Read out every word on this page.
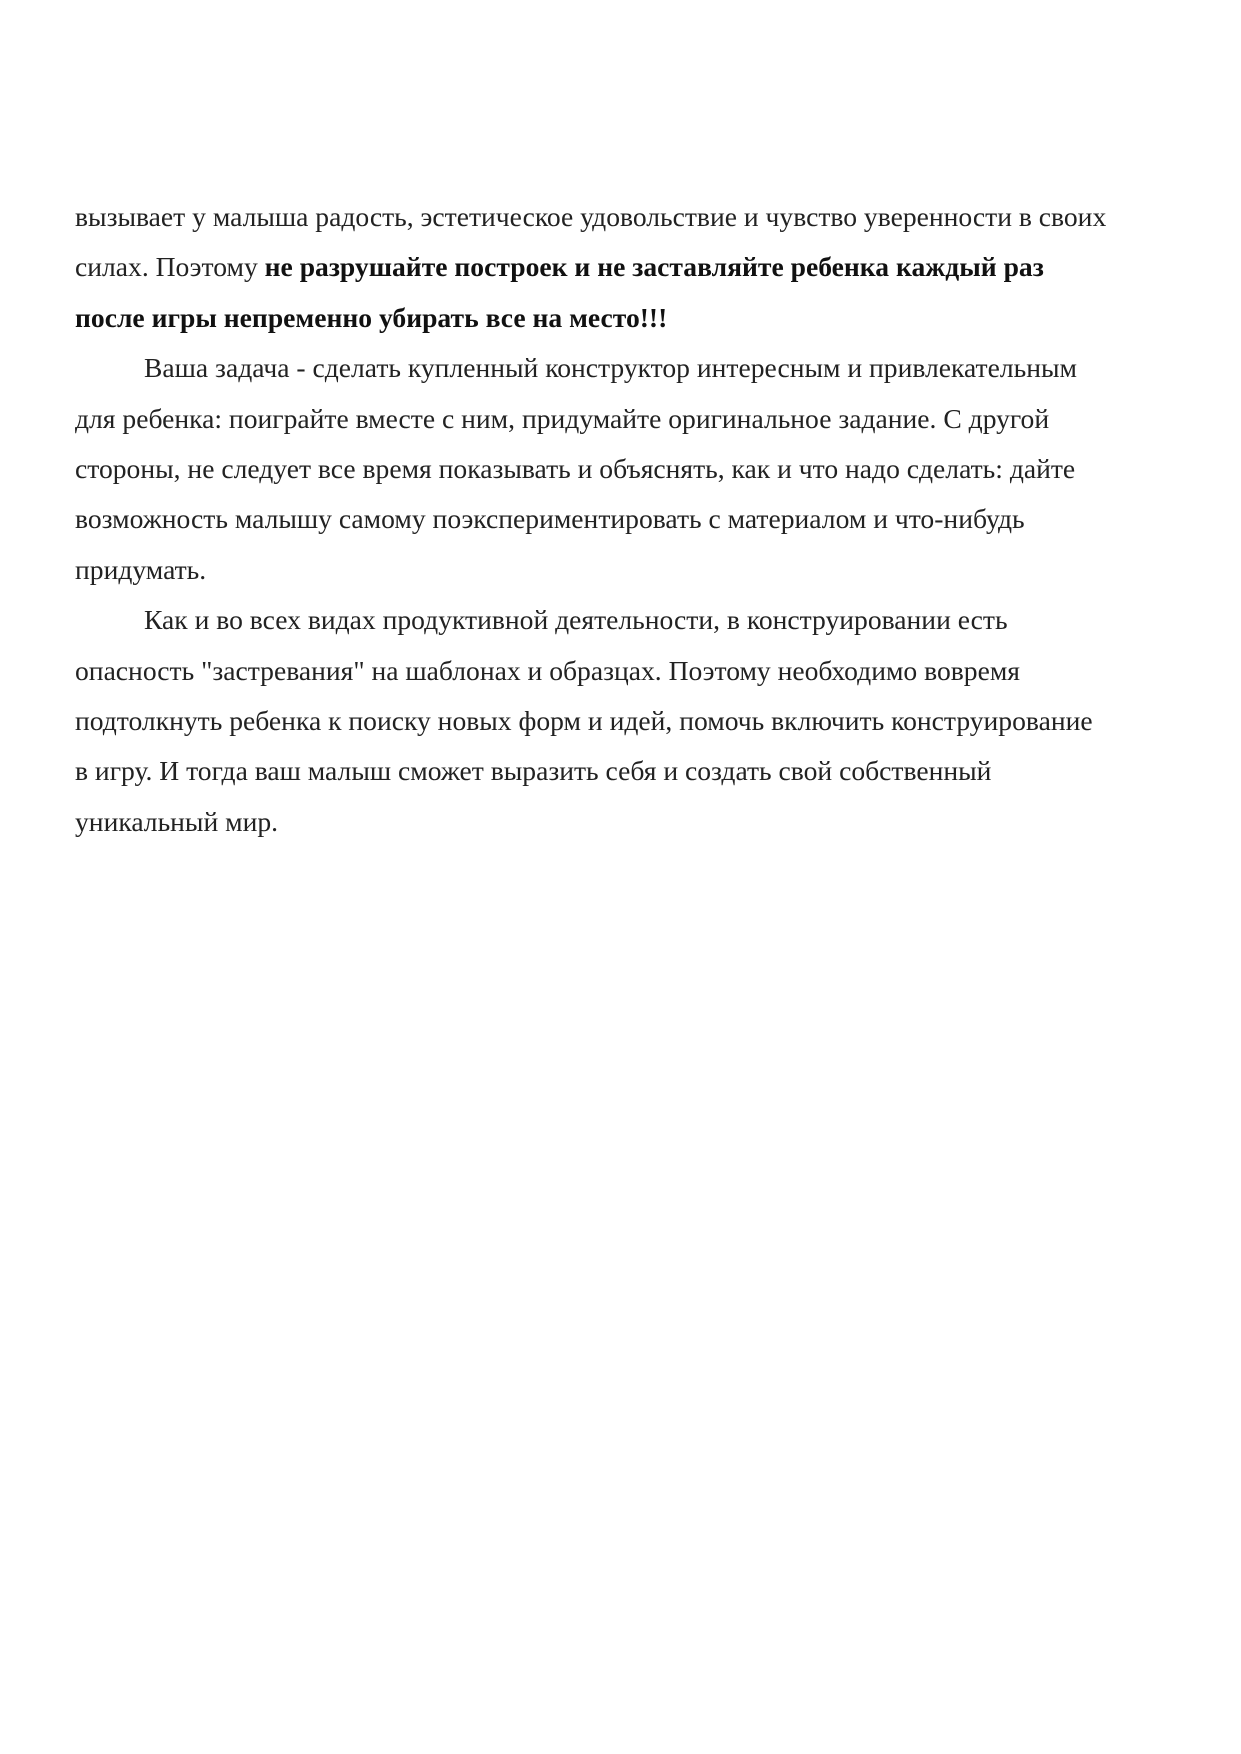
вызывает у малыша радость, эстетическое удовольствие и чувство уверенности в своих
силах. Поэтому не разрушайте построек и не заставляйте ребенка каждый раз
после игры непременно убирать все на место!!!
Ваша задача - сделать купленный конструктор интересным и привлекательным
для ребенка: поиграйте вместе с ним, придумайте оригинальное задание. С другой
стороны, не следует все время показывать и объяснять, как и что надо сделать: дайте
возможность малышу самому поэкспериментировать с материалом и что-нибудь
придумать.
Как и во всех видах продуктивной деятельности, в конструировании есть
опасность "застревания" на шаблонах и образцах. Поэтому необходимо вовремя
подтолкнуть ребенка к поиску новых форм и идей, помочь включить конструирование
в игру. И тогда ваш малыш сможет выразить себя и создать свой собственный
уникальный мир.
